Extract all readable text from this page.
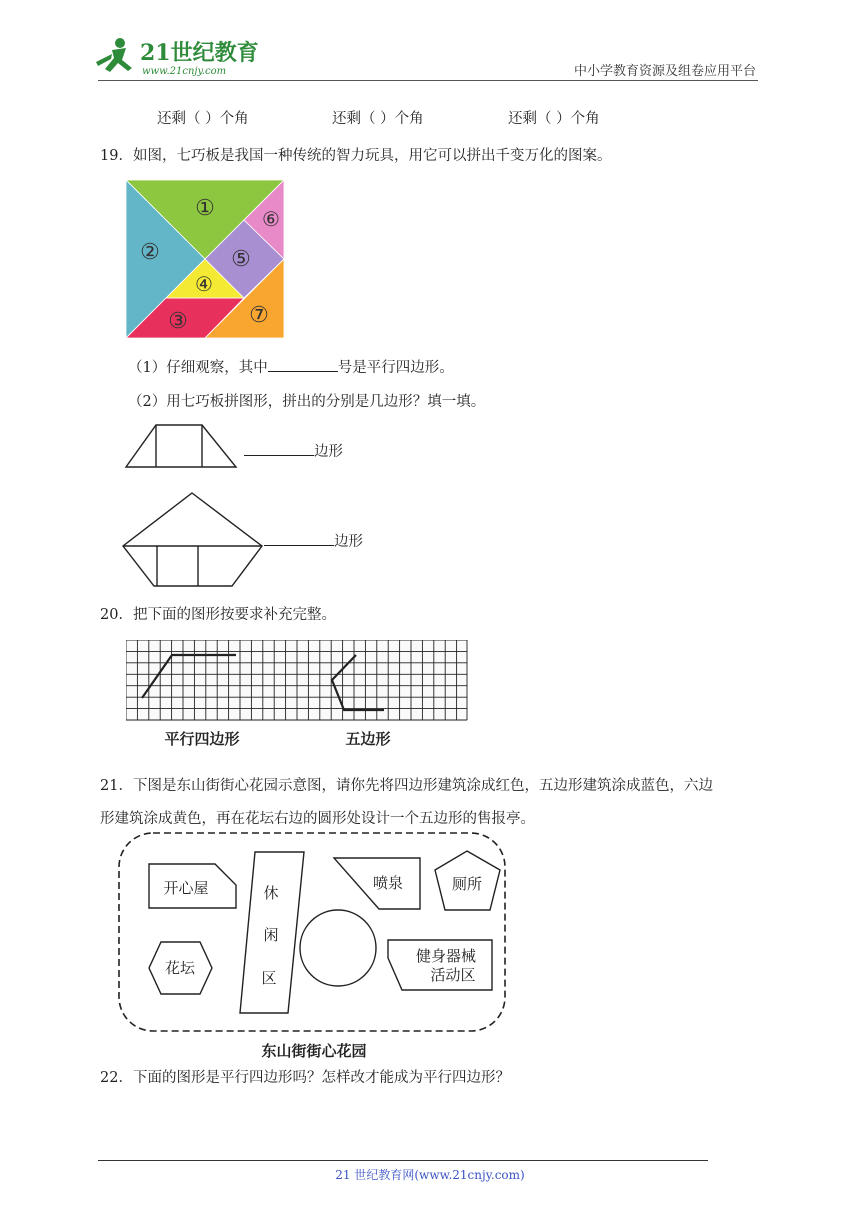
21世纪教育
www.21cnjy.com	中小学教育资源及组卷应用平台
还剩（ ）个角	还剩（ ）个角	还剩（ ）个角
19．如图，七巧板是我国一种传统的智力玩具，用它可以拼出千变万化的图案。
①
②
③
④
⑤
⑥
⑦
（1）仔细观察，其中	号是平行四边形。
（2）用七巧板拼图形，拼出的分别是几边形？填一填。
边形
边形
20．把下面的图形按要求补充完整。
平行四边形	五边形
21．下图是东山街街心花园示意图，请你先将四边形建筑涂成红色，五边形建筑涂成蓝色，六边
形建筑涂成黄色，再在花坛右边的圆形处设计一个五边形的售报亭。
开心屋	休
闲
区
喷泉	厕所
花坛
健身器械
活动区
东山街街心花园
22．下面的图形是平行四边形吗？怎样改才能成为平行四边形？
21 世纪教育网(www.21cnjy.com)
